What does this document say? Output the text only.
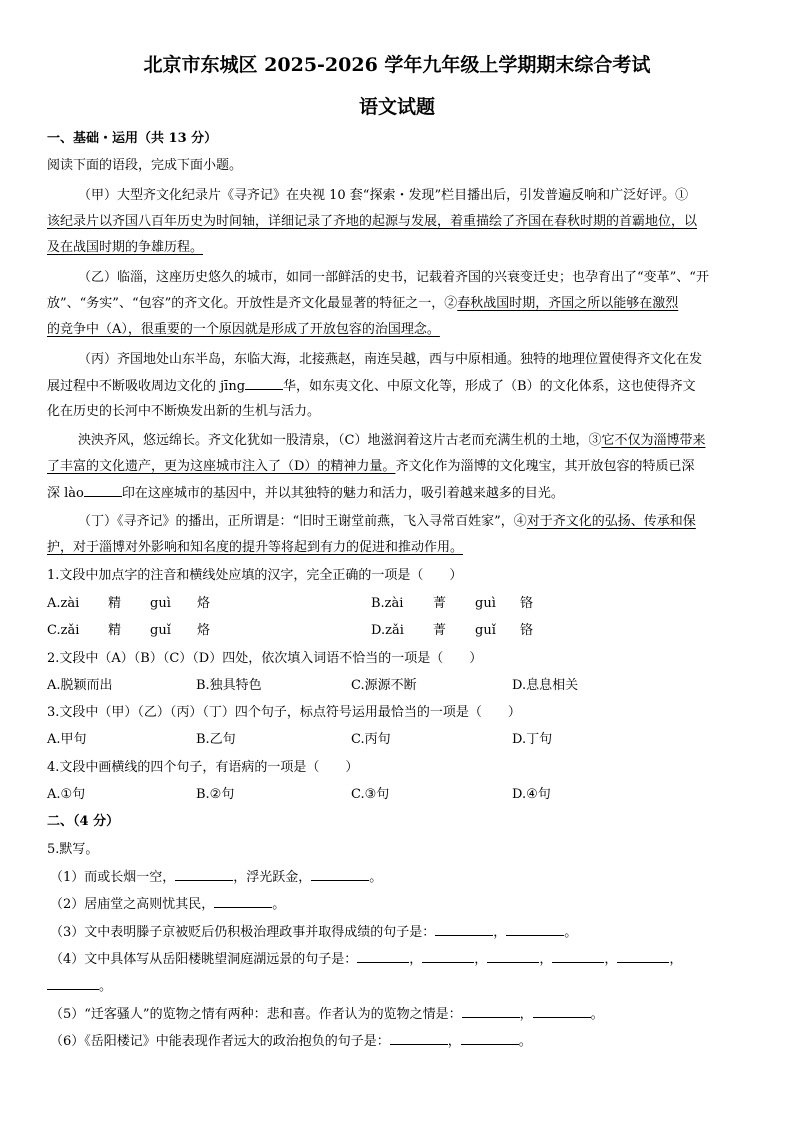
北京市东城区 2025-2026 学年九年级上学期期末综合考试
语文试题
一、基础・运用（共 13 分）
阅读下面的语段，完成下面小题。
（甲）大型齐文化纪录片《寻齐记》在央视 10 套“探索・发现”栏目播出后，引发普遍反响和广泛好评。①
该纪录片以齐国八百年历史为时间轴，详细记录了齐地的起源与发展，着重描绘了齐国在春秋时期的首霸地位，以
及在战国时期的争雄历程。
（乙）临淄，这座历史悠久的城市，如同一部鲜活的史书，记载着齐国的兴衰变迁史；也孕育出了“变革”、“开
放”、“务实”、“包容”的齐文化。开放性是齐文化最显著的特征之一，②春秋战国时期，齐国之所以能够在激烈
的竞争中（A），很重要的一个原因就是形成了开放包容的治国理念。
（丙）齐国地处山东半岛，东临大海，北接燕赵，南连吴越，西与中原相通。独特的地理位置使得齐文化在发
展过程中不断吸收周边文化的 jīng	华，如东夷文化、中原文化等，形成了（B）的文化体系，这也使得齐文
化在历史的长河中不断焕发出新的生机与活力。
泱泱齐风，悠远绵长。齐文化犹如一股清泉，（C）地滋润着这片古老而充满生机的土地，③它不仅为淄博带来
了丰富的文化遗产，更为这座城市注入了（D）的精神力量。齐文化作为淄博的文化瑰宝，其开放包容的特质已深
深 lào	印在这座城市的基因中，并以其独特的魅力和活力，吸引着越来越多的目光。
（丁）《寻齐记》的播出，正所谓是：“旧时王谢堂前燕，飞入寻常百姓家”，④对于齐文化的弘扬、传承和保
护，对于淄博对外影响和知名度的提升等将起到有力的促进和推动作用。
1.文段中加点字的注音和横线处应填的汉字，完全正确的一项是（　　）
A.zài 精 guì 烙	B.zài 菁 guì 铬
C.zǎi 精 guǐ 烙	D.zǎi 菁 guǐ 铬
2.文段中（A）（B）（C）（D）四处，依次填入词语不恰当的一项是（　　）
A.脱颖而出	B.独具特色	C.源源不断	D.息息相关
3.文段中（甲）（乙）（丙）（丁）四个句子，标点符号运用最恰当的一项是（　　）
A.甲句	B.乙句	C.丙句	D.丁句
4.文段中画横线的四个句子，有语病的一项是（　　）
A.①句	B.②句	C.③句	D.④句
二、（4 分）
5.默写。
（1）而或长烟一空，	，浮光跃金，	。
（2）居庙堂之高则忧其民，	。
（3）文中表明滕子京被贬后仍积极治理政事并取得成绩的句子是：	，	。
（4）文中具体写从岳阳楼眺望洞庭湖远景的句子是：	，	，	，	，	，
。
（5）“迁客骚人”的览物之情有两种：悲和喜。作者认为的览物之情是：	，	。
（6）《岳阳楼记》中能表现作者远大的政治抱负的句子是：	，	。
